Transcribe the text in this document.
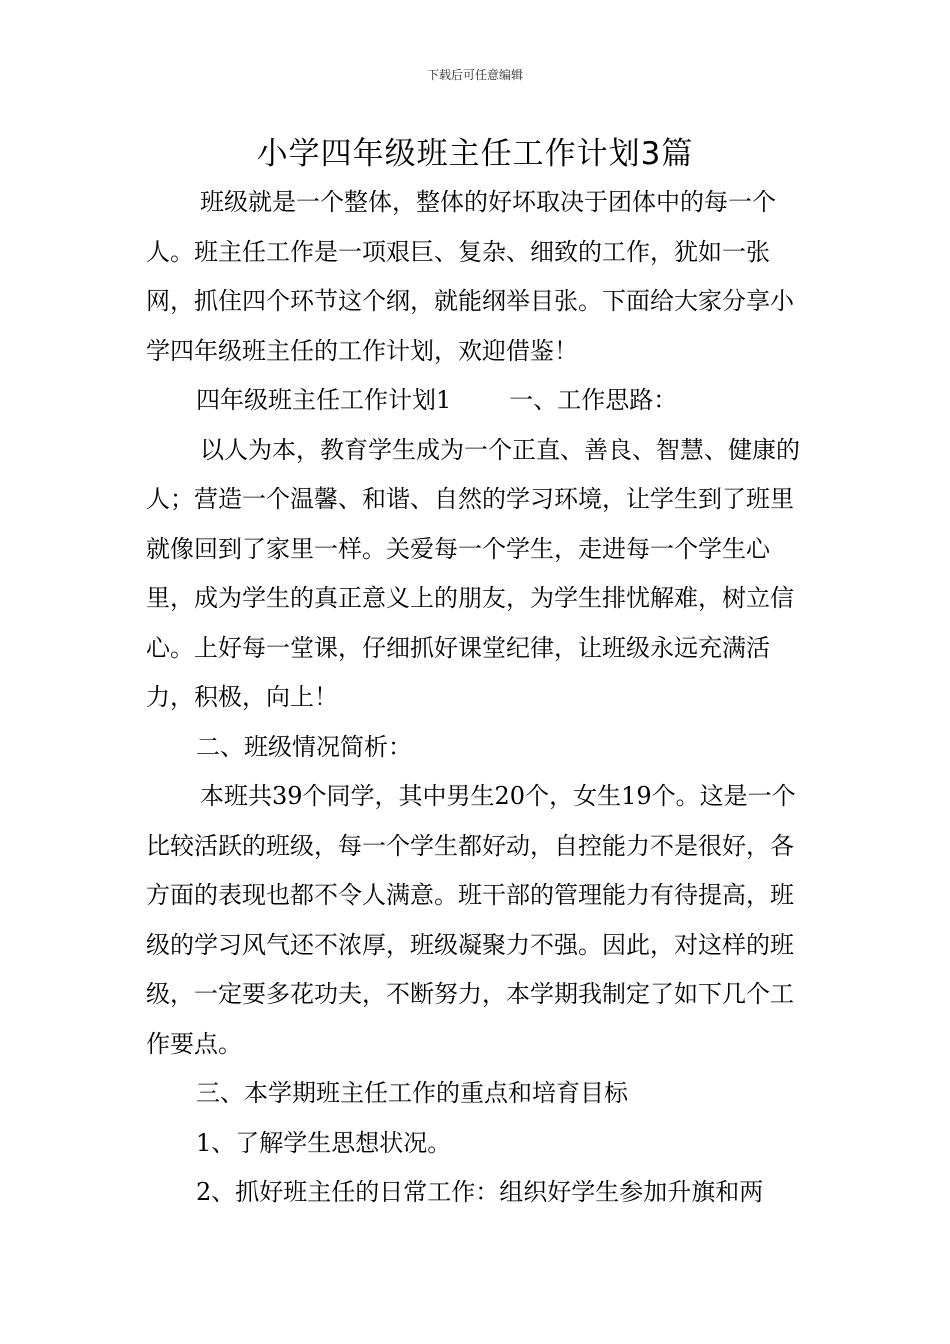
下载后可任意编辑
小学四年级班主任工作计划3篇

班级就是一个整体，整体的好坏取决于团体中的每一个人。班主任工作是一项艰巨、复杂、细致的工作，犹如一张网，抓住四个环节这个纲，就能纲举目张。下面给大家分享小学四年级班主任的工作计划，欢迎借鉴！

四年级班主任工作计划1 一、工作思路：

以人为本，教育学生成为一个正直、善良、智慧、健康的人；营造一个温馨、和谐、自然的学习环境，让学生到了班里就像回到了家里一样。关爱每一个学生，走进每一个学生心里，成为学生的真正意义上的朋友，为学生排忧解难，树立信心。上好每一堂课，仔细抓好课堂纪律，让班级永远充满活力，积极，向上！

二、班级情况简析：

本班共39个同学，其中男生20个，女生19个。这是一个比较活跃的班级，每一个学生都好动，自控能力不是很好，各方面的表现也都不令人满意。班干部的管理能力有待提高，班级的学习风气还不浓厚，班级凝聚力不强。因此，对这样的班级，一定要多花功夫，不断努力，本学期我制定了如下几个工作要点。

三、本学期班主任工作的重点和培育目标

1、了解学生思想状况。

2、抓好班主任的日常工作：组织好学生参加升旗和两
